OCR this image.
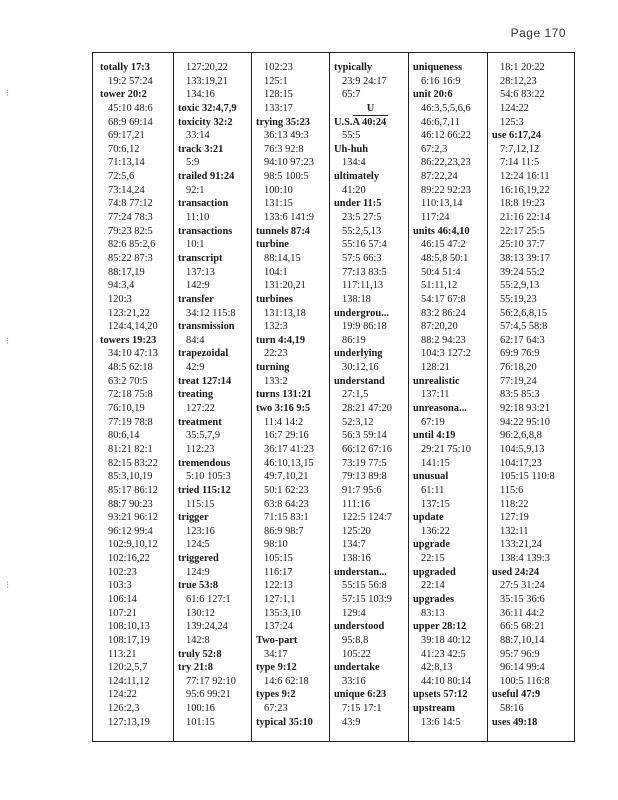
Page 170
⁝
⁝
⁝
totally 17:3
19:2 57:24
tower 20:2
45:10 48:6
68:9 69:14
69:17,21
70:6,12
71:13,14
72:5,6
73:14,24
74:8 77:12
77:24 78:3
79:23 82:5
82:6 85:2,6
85:22 87:3
88:17,19
94:3,4
120:3
123:21,22
124:4,14,20
towers 19:23
34:10 47:13
48:5 62:18
63:2 70:5
72:18 75:8
76:10,19
77:19 78:8
80:6,14
81:21 82:1
82:15 83:22
85:3,10,19
85:17 86:12
88:7 90:23
93:21 96:12
96:12 99:4
102:9,10,12
102:16,22
102:23
103:3
106:14
107:21
108:10,13
108:17,19
113:21
120:2,5,7
124:11,12
124:22
126:2,3
127:13,19
127:20,22
133:19,21
134:16
toxic 32:4,7,9
toxicity 32:2
33:14
track 3:21
5:9
trailed 91:24
92:1
transaction
11:10
transactions
10:1
transcript
137:13
142:9
transfer
34:12 115:8
transmission
84:4
trapezoidal
42:9
treat 127:14
treating
127:22
treatment
35:5,7,9
112:23
tremendous
5:10 105:3
tried 115:12
115:15
trigger
123:16
124:5
triggered
124:9
true 53:8
61:6 127:1
130:12
139:24,24
142:8
truly 52:8
try 21:8
77:17 92:10
95:6 99:21
100:16
101:15
102:23
125:1
128:15
133:17
trying 35:23
36:13 49:3
76:3 92:8
94:10 97:23
98:5 100:5
100:10
131:15
133:6 141:9
tunnels 87:4
turbine
88:14,15
104:1
131:20,21
turbines
131:13,18
132:3
turn 4:4,19
22:23
turning
133:2
turns 131:21
two 3:16 9:5
11:4 14:2
16:7 29:16
36:17 41:23
46:10,13,15
49:7,10,21
50:1 62:23
63:8 64:23
71:15 83:1
86:9 98:7
98:10
105:15
116:17
122:13
127:1,1
135:3,10
137:24
Two-part
34:17
type 9:12
14:6 62:18
types 9:2
67:23
typical 35:10
typically
23:9 24:17
65:7
U
U.S.A 40:24
55:5
Uh-huh
134:4
ultimately
41:20
under 11:5
23:5 27:5
55:2,5,13
55:16 57:4
57:5 66:3
77:13 83:5
117:11,13
138:18
undergrou...
19:9 86:18
86:19
underlying
30:12,16
understand
27:1,5
28:21 47:20
52:3,12
56:3 59:14
66:12 67:16
73:19 77:5
79:13 89:8
91:7 95:6
111:16
122:5 124:7
125:20
134:7
138:16
understan...
55:15 56:8
57:15 103:9
129:4
understood
95:8,8
105:22
undertake
33:16
unique 6:23
7:15 17:1
43:9
uniqueness
6:16 16:9
unit 20:6
46:3,5,5,6,6
46:6,7,11
46:12 66:22
67:2,3
86:22,23,23
87:22,24
89:22 92:23
110:13,14
117:24
units 46:4,10
46:15 47:2
48:5,8 50:1
50:4 51:4
51:11,12
54:17 67:8
83:2 86:24
87:20,20
88:2 94:23
104:3 127:2
128:21
unrealistic
137:11
unreasona...
67:19
until 4:19
29:21 75:10
141:15
unusual
61:11
137:15
update
136:22
upgrade
22:15
upgraded
22:14
upgrades
83:13
upper 28:12
39:18 40:12
41:23 42:5
42:8,13
44:10 80:14
upsets 57:12
upstream
13:6 14:5
18:1 20:22
28:12,23
54:6 83:22
124:22
125:3
use 6:17,24
7:7,12,12
7:14 11:5
12:24 16:11
16:16,19,22
18:8 19:23
21:16 22:14
22:17 25:5
25:10 37:7
38:13 39:17
39:24 55:2
55:2,9,13
55:19,23
56:2,6,8,15
57:4,5 58:8
62:17 64:3
69:9 76:9
76:18,20
77:19,24
83:5 85:3
92:18 93:21
94:22 95:10
96:2,6,8,8
104:5,9,13
104:17,23
105:15 110:8
115:6
118:22
127:19
132:11
133:21,24
138:4 139:3
used 24:24
27:5 31:24
35:15 36:6
36:11 44:2
66:5 68:21
88:7,10,14
95:7 96:9
96:14 99:4
100:5 116:8
useful 47:9
58:16
uses 49:18
